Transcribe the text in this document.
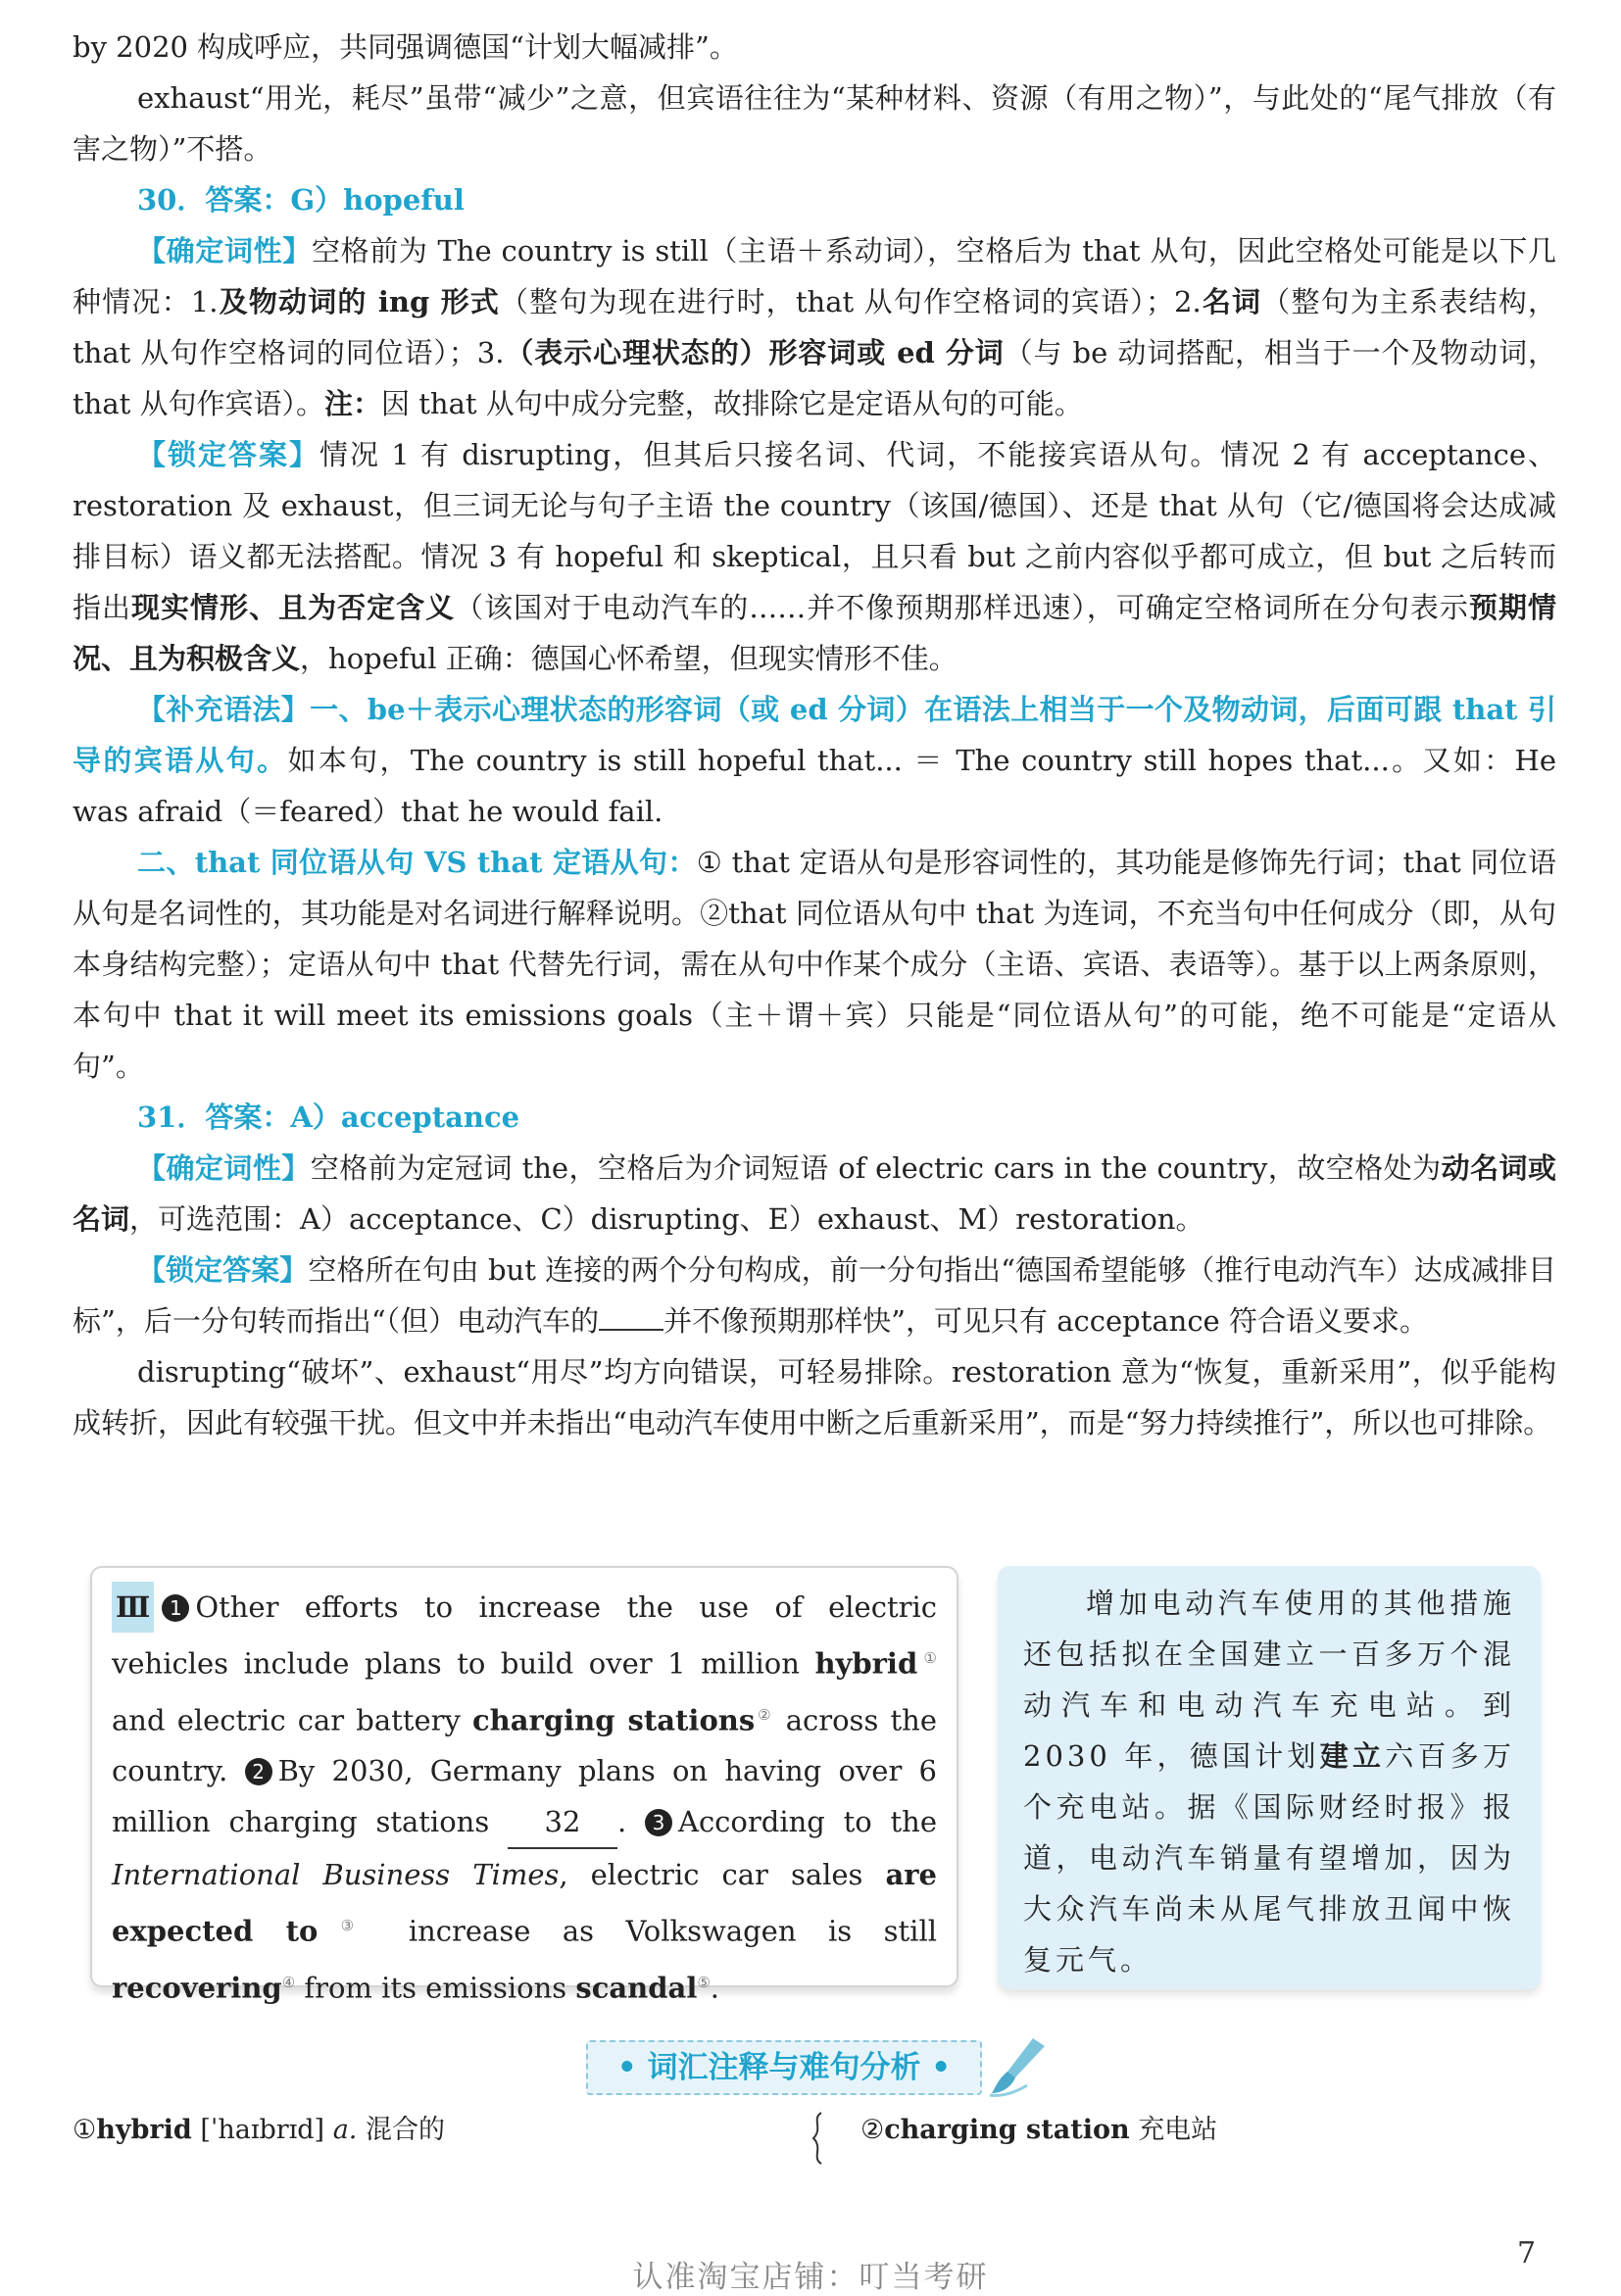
by 2020 构成呼应，共同强调德国“计划大幅减排”。

exhaust“用光，耗尽”虽带“减少”之意，但宾语往往为“某种材料、资源（有用之物）”，与此处的“尾气排放（有害之物）”不搭。

30．答案：G）hopeful

【确定词性】空格前为 The country is still（主语＋系动词），空格后为 that 从句，因此空格处可能是以下几种情况：1.及物动词的 ing 形式（整句为现在进行时，that 从句作空格词的宾语）；2.名词（整句为主系表结构，that 从句作空格词的同位语）；3.（表示心理状态的）形容词或 ed 分词（与 be 动词搭配，相当于一个及物动词，that 从句作宾语）。注：因 that 从句中成分完整，故排除它是定语从句的可能。

【锁定答案】情况 1 有 disrupting，但其后只接名词、代词，不能接宾语从句。情况 2 有 acceptance、restoration 及 exhaust，但三词无论与句子主语 the country（该国/德国）、还是 that 从句（它/德国将会达成减排目标）语义都无法搭配。情况 3 有 hopeful 和 skeptical，且只看 but 之前内容似乎都可成立，但 but 之后转而指出现实情形、且为否定含义（该国对于电动汽车的……并不像预期那样迅速），可确定空格词所在分句表示预期情况、且为积极含义，hopeful 正确：德国心怀希望，但现实情形不佳。

【补充语法】一、be＋表示心理状态的形容词（或 ed 分词）在语法上相当于一个及物动词，后面可跟 that 引导的宾语从句。如本句，The country is still hopeful that... ＝ The country still hopes that...。又如：He was afraid（＝feared）that he would fail.

二、that 同位语从句 VS that 定语从句：① that 定语从句是形容词性的，其功能是修饰先行词；that 同位语从句是名词性的，其功能是对名词进行解释说明。②that 同位语从句中 that 为连词，不充当句中任何成分（即，从句本身结构完整）；定语从句中 that 代替先行词，需在从句中作某个成分（主语、宾语、表语等）。基于以上两条原则，本句中 that it will meet its emissions goals（主＋谓＋宾）只能是“同位语从句”的可能，绝不可能是“定语从句”。

31．答案：A）acceptance

【确定词性】空格前为定冠词 the，空格后为介词短语 of electric cars in the country，故空格处为动名词或名词，可选范围：A）acceptance、C）disrupting、E）exhaust、M）restoration。

【锁定答案】空格所在句由 but 连接的两个分句构成，前一分句指出“德国希望能够（推行电动汽车）达成减排目标”，后一分句转而指出“（但）电动汽车的 并不像预期那样快”，可见只有 acceptance 符合语义要求。

disrupting“破坏”、exhaust“用尽”均方向错误，可轻易排除。restoration 意为“恢复，重新采用”，似乎能构成转折，因此有较强干扰。但文中并未指出“电动汽车使用中断之后重新采用”，而是“努力持续推行”，所以也可排除。

Ⅲ 1 Other efforts to increase the use of electric vehicles include plans to build over 1 million hybrid① and electric car battery charging stations② across the country. 2 By 2030, Germany plans on having over 6 million charging stations 32 . 3 According to the International Business Times, electric car sales are expected to③ increase as Volkswagen is still recovering④ from its emissions scandal⑤.

增加电动汽车使用的其他措施还包括拟在全国建立一百多万个混动汽车和电动汽车充电站。到 2030 年，德国计划建立六百多万个充电站。据《国际财经时报》报道，电动汽车销量有望增加，因为大众汽车尚未从尾气排放丑闻中恢复元气。

• 词汇注释与难句分析 •
①hybrid [ˈhaɪbrɪd] a. 混合的	②charging station 充电站
认准淘宝店铺：叮当考研
7
